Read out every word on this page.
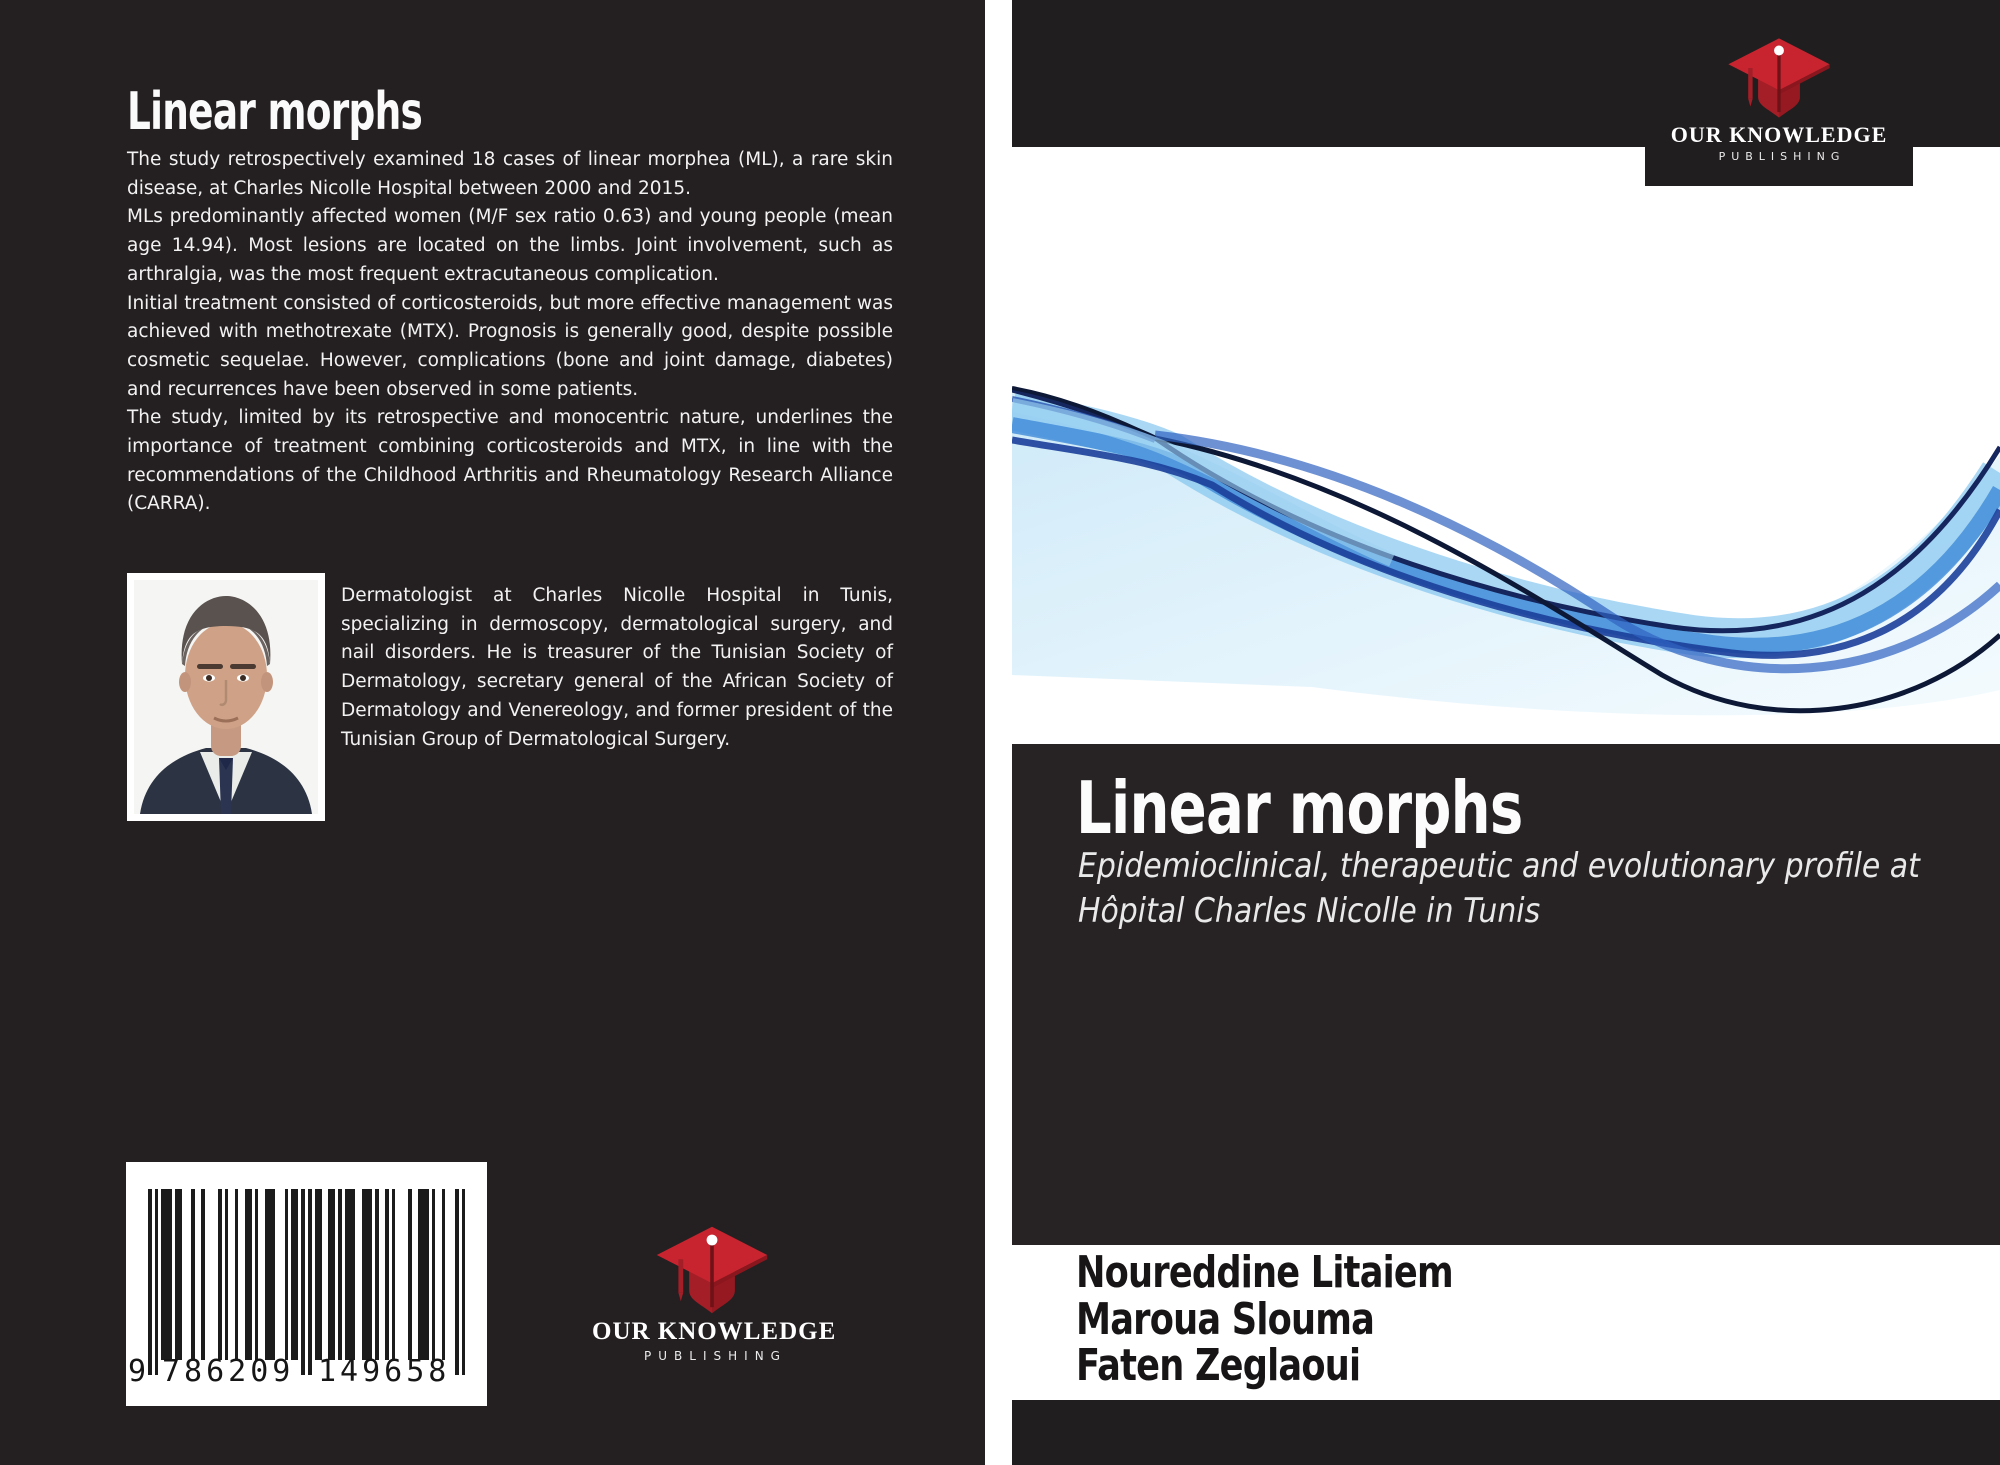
Linear morphs
The study retrospectively examined 18 cases of linear morphea (ML), a rare skin disease, at Charles Nicolle Hospital between 2000 and 2015.
MLs predominantly affected women (M/F sex ratio 0.63) and young people (mean age 14.94). Most lesions are located on the limbs. Joint involvement, such as arthralgia, was the most frequent extracutaneous complication.
Initial treatment consisted of corticosteroids, but more effective management was achieved with methotrexate (MTX). Prognosis is generally good, despite possible cosmetic sequelae. However, complications (bone and joint damage, diabetes) and recurrences have been observed in some patients.
The study, limited by its retrospective and monocentric nature, underlines the importance of treatment combining corticosteroids and MTX, in line with the recommendations of the Childhood Arthritis and Rheumatology Research Alliance (CARRA).
Dermatologist at Charles Nicolle Hospital in Tunis, specializing in dermoscopy, dermatological surgery, and nail disorders. He is treasurer of the Tunisian Society of Dermatology, secretary general of the African Society of Dermatology and Venereology, and former president of the Tunisian Group of Dermatological Surgery.
9 786209 149658
OUR KNOWLEDGE
PUBLISHING
OUR KNOWLEDGE
PUBLISHING
Linear morphs
Epidemioclinical, therapeutic and evolutionary profile at Hôpital Charles Nicolle in Tunis
Noureddine Litaiem
Maroua Slouma
Faten Zeglaoui
